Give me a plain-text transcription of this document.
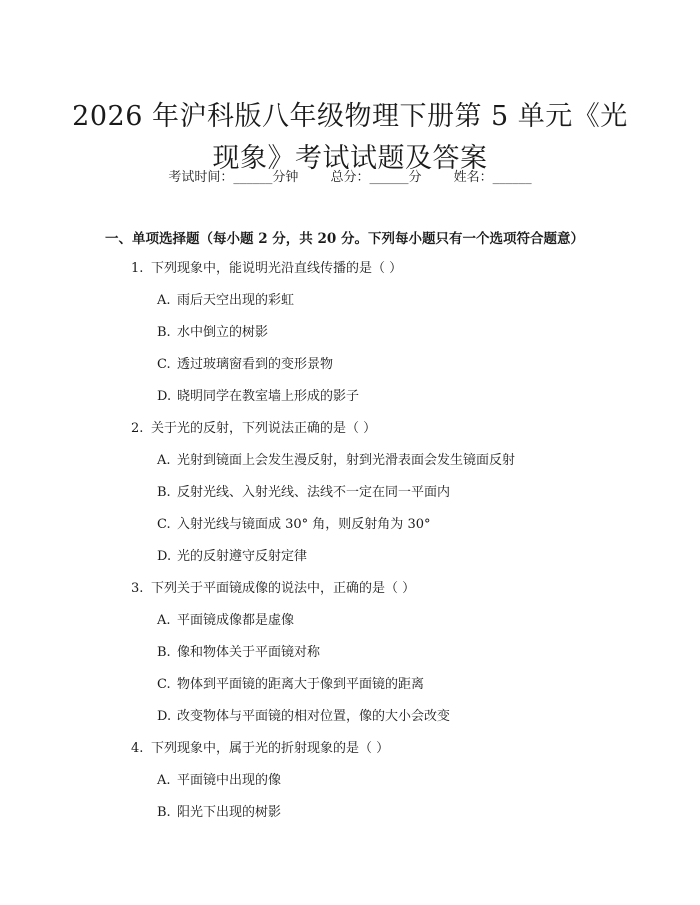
2026 年沪科版八年级物理下册第 5 单元《光
现象》考试试题及答案
考试时间：______分钟 总分：______分 姓名：______
一、单项选择题（每小题 2 分，共 20 分。下列每小题只有一个选项符合题意）
1. 下列现象中，能说明光沿直线传播的是（ ）
A. 雨后天空出现的彩虹
B. 水中倒立的树影
C. 透过玻璃窗看到的变形景物
D. 晓明同学在教室墙上形成的影子
2. 关于光的反射，下列说法正确的是（ ）
A. 光射到镜面上会发生漫反射，射到光滑表面会发生镜面反射
B. 反射光线、入射光线、法线不一定在同一平面内
C. 入射光线与镜面成 30° 角，则反射角为 30°
D. 光的反射遵守反射定律
3. 下列关于平面镜成像的说法中，正确的是（ ）
A. 平面镜成像都是虚像
B. 像和物体关于平面镜对称
C. 物体到平面镜的距离大于像到平面镜的距离
D. 改变物体与平面镜的相对位置，像的大小会改变
4. 下列现象中，属于光的折射现象的是（ ）
A. 平面镜中出现的像
B. 阳光下出现的树影
